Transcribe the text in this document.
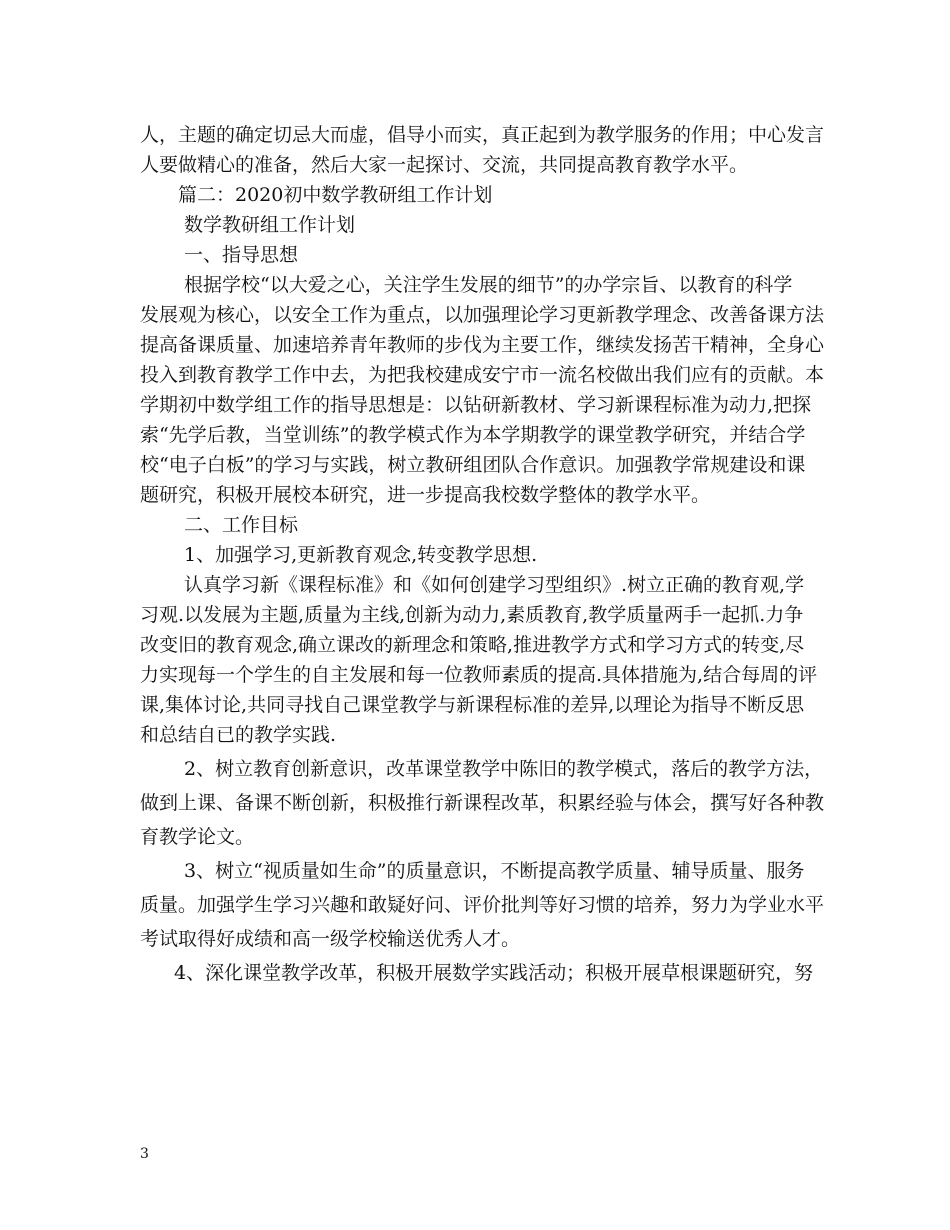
人，主题的确定切忌大而虚，倡导小而实，真正起到为教学服务的作用；中心发言

人要做精心的准备，然后大家一起探讨、交流，共同提高教育教学水平。

篇二：2020初中数学教研组工作计划

数学教研组工作计划

一、指导思想

根据学校“以大爱之心，关注学生发展的细节”的办学宗旨、以教育的科学

发展观为核心，以安全工作为重点，以加强理论学习更新教学理念、改善备课方法

提高备课质量、加速培养青年教师的步伐为主要工作，继续发扬苦干精神，全身心

投入到教育教学工作中去，为把我校建成安宁市一流名校做出我们应有的贡献。本

学期初中数学组工作的指导思想是：以钻研新教材、学习新课程标准为动力,把探

索“先学后教，当堂训练”的教学模式作为本学期教学的课堂教学研究，并结合学

校“电子白板”的学习与实践，树立教研组团队合作意识。加强教学常规建设和课

题研究，积极开展校本研究，进一步提高我校数学整体的教学水平。

二、工作目标

1、加强学习,更新教育观念,转变教学思想.

认真学习新《课程标准》和《如何创建学习型组织》.树立正确的教育观,学

习观.以发展为主题,质量为主线,创新为动力,素质教育,教学质量两手一起抓.力争

改变旧的教育观念,确立课改的新理念和策略,推进教学方式和学习方式的转变,尽

力实现每一个学生的自主发展和每一位教师素质的提高.具体措施为,结合每周的评

课,集体讨论,共同寻找自己课堂教学与新课程标准的差异,以理论为指导不断反思

和总结自已的教学实践.

2、树立教育创新意识，改革课堂教学中陈旧的教学模式，落后的教学方法，

做到上课、备课不断创新，积极推行新课程改革，积累经验与体会，撰写好各种教

育教学论文。

3、树立“视质量如生命”的质量意识，不断提高教学质量、辅导质量、服务

质量。加强学生学习兴趣和敢疑好问、评价批判等好习惯的培养，努力为学业水平

考试取得好成绩和高一级学校输送优秀人才。

4、深化课堂教学改革，积极开展数学实践活动；积极开展草根课题研究，努

3
